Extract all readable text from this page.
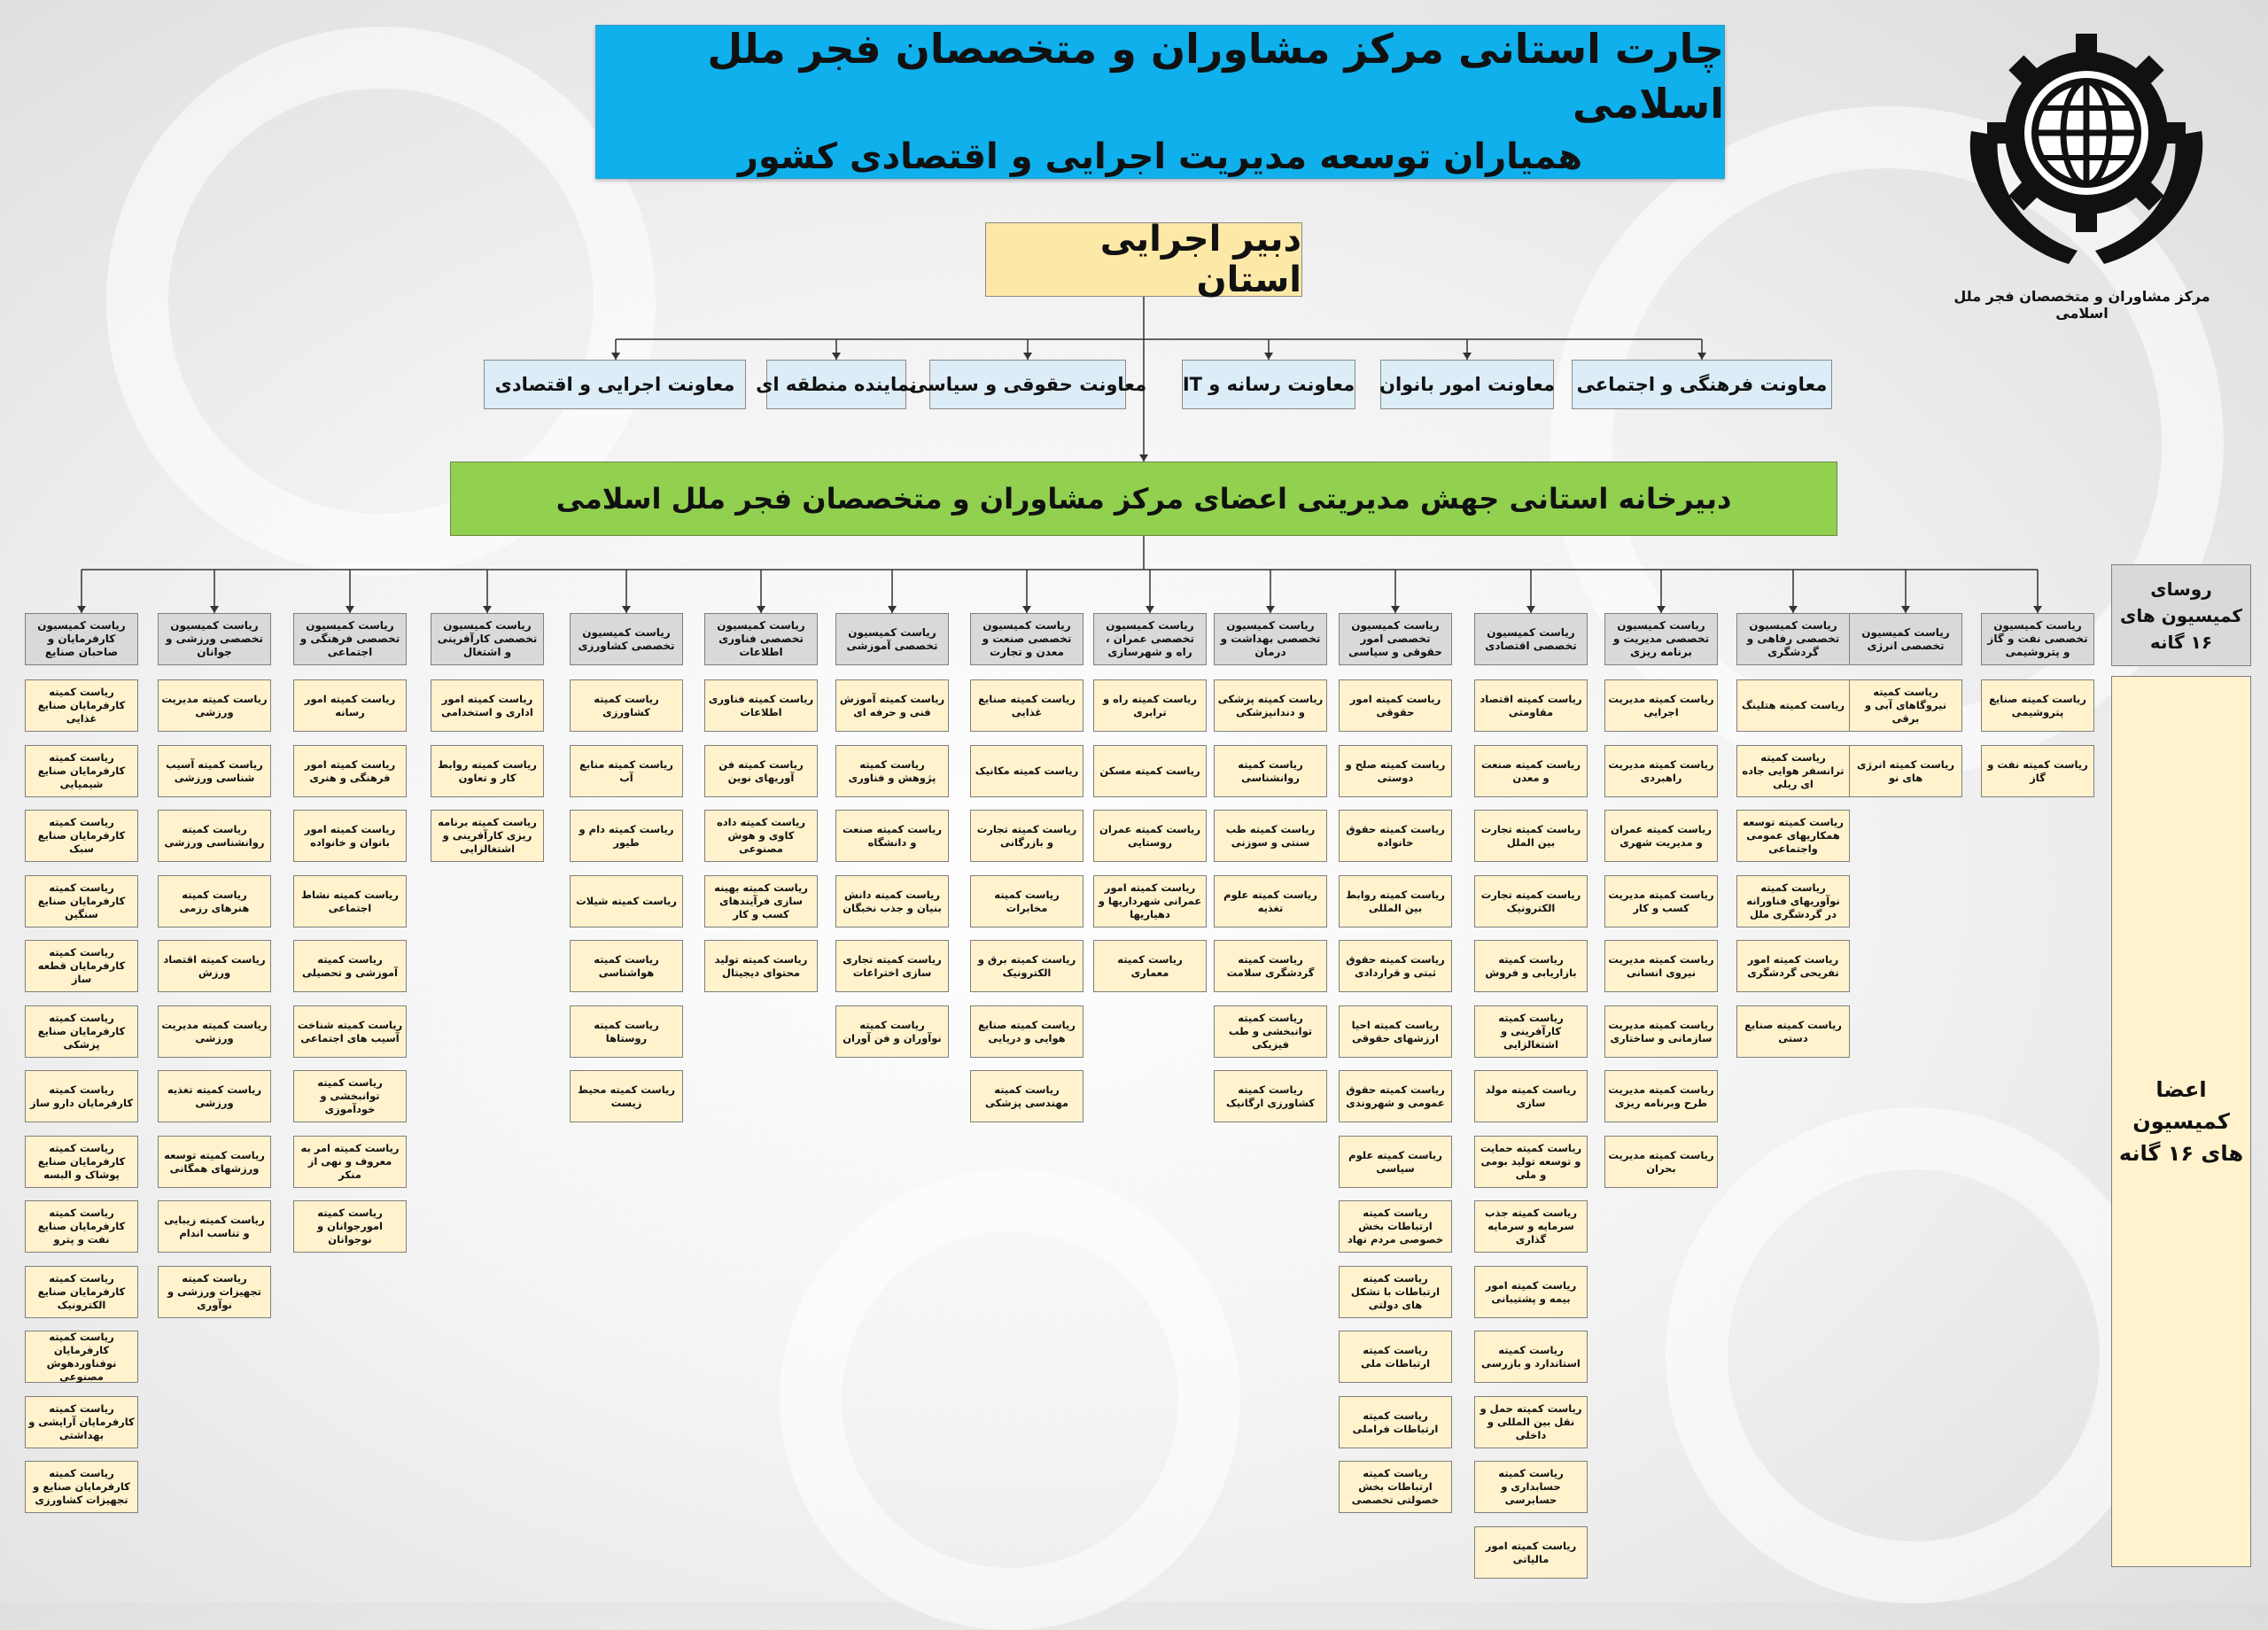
چارت استانی مرکز مشاوران و متخصصان فجر ملل اسلامی
همیاران توسعه مدیریت اجرایی و اقتصادی کشور
مرکز مشاوران و متخصصان فجر ملل اسلامی
دبیر اجرایی استان
معاونت فرهنگی و اجتماعی
معاونت امور بانوان
معاونت رسانه و IT
معاونت حقوقی و سیاسی
نماینده منطقه ای
معاونت اجرایی و اقتصادی
دبیرخانه استانی جهش مدیریتی اعضای مرکز مشاوران و متخصصان فجر ملل اسلامی
روسای کمیسیون های ۱۶ گانه
اعضا کمیسیون های ۱۶ گانه
ریاست کمیسیون تخصصی نفت و گاز و پتروشیمی
ریاست کمیته صنایع پتروشیمی
ریاست کمیته نفت و گاز
ریاست کمیسیون تخصصی انرژی
ریاست کمیته نیروگاهای آبی و برقی
ریاست کمیته انرژی های نو
ریاست کمیسیون تخصصی رفاهی و گردشگری
ریاست کمیته هتلینگ
ریاست کمیته ترانسفر هوایی جاده ای ریلی
ریاست کمیته توسعه همکاریهای عمومی واجتماعی
ریاست کمیته نوآوریهای فناورانه در گردشگری ملل
ریاست کمیته امور تفریحی گردشگری
ریاست کمیته صنایع دستی
ریاست کمیسیون تخصصی مدیریت و برنامه ریزی
ریاست کمیته مدیریت اجرایی
ریاست کمیته مدیریت راهبردی
ریاست کمیته عمران و مدیریت شهری
ریاست کمیته مدیریت کسب و کار
ریاست کمیته مدیریت نیروی انسانی
ریاست کمیته مدیریت سازمانی و ساختاری
ریاست کمیته مدیریت طرح وبرنامه ریزی
ریاست کمیته مدیریت بحران
ریاست کمیسیون تخصصی اقتصادی
ریاست کمیته اقتصاد مقاومتی
ریاست کمیته صنعت و معدن
ریاست کمیته تجارت بین الملل
ریاست کمیته تجارت الکترونیک
ریاست کمیته بازاریابی و فروش
ریاست کمیته کارآفرینی و اشتغالزایی
ریاست کمیته مولد سازی
ریاست کمیته حمایت و توسعه تولید بومی و ملی
ریاست کمیته جذب سرمایه و سرمایه گذاری
ریاست کمیته امور بیمه و پشتیبانی
ریاست کمیته استاندارد و بازرسی
ریاست کمیته حمل و نقل بین المللی و داخلی
ریاست کمیته حسابداری و حسابرسی
ریاست کمیته امور مالیاتی
ریاست کمیسیون تخصصی امور حقوقی و سیاسی
ریاست کمیته امور حقوقی
ریاست کمیته صلح و دوستی
ریاست کمیته حقوق خانواده
ریاست کمیته روابط بین المللی
ریاست کمیته حقوق ثبتی و قراردادی
ریاست کمیته احیا ارزشهای حقوقی
ریاست کمیته حقوق عمومی و شهروندی
ریاست کمیته علوم سیاسی
ریاست کمیته ارتباطات بخش خصوصی مردم نهاد
ریاست کمیته ارتباطات با تشکل های دولتی
ریاست کمیته ارتباطات ملی
ریاست کمیته ارتباطات فراملی
ریاست کمیته ارتباطات بخش خصولتی تخصصی
ریاست کمیسیون تخصصی بهداشت و درمان
ریاست کمیته پزشکی و دندانپزشکی
ریاست کمیته روانشناسی
ریاست کمیته طب سنتی و سوزنی
ریاست کمیته علوم تغذیه
ریاست کمیته گردشگری سلامت
ریاست کمیته توانبخشی و طب فیزیکی
ریاست کمیته کشاورزی ارگانیک
ریاست کمیسیون تخصصی عمران ، راه و شهرسازی
ریاست کمیته راه و ترابری
ریاست کمیته مسکن
ریاست کمیته عمران روستایی
ریاست کمیته امور عمرانی شهرداریها و دهیاریها
ریاست کمیته معماری
ریاست کمیسیون تخصصی صنعت و معدن و تجارت
ریاست کمیته صنایع غذایی
ریاست کمیته مکانیک
ریاست کمیته تجارت و بازرگانی
ریاست کمیته مخابرات
ریاست کمیته برق و الکترونیک
ریاست کمیته صنایع هوایی و دریایی
ریاست کمیته مهندسی پزشکی
ریاست کمیسیون تخصصی آموزشی
ریاست کمیته آموزش فنی و حرفه ای
ریاست کمیته پژوهش و فناوری
ریاست کمیته صنعت و دانشگاه
ریاست کمیته دانش بنیان و جذب نخبگان
ریاست کمیته تجاری سازی اختراعات
ریاست کمیته نوآوران و فن آوران
ریاست کمیسیون تخصصی فناوری اطلاعات
ریاست کمیته فناوری اطلاعات
ریاست کمیته فن آوریهای نوین
ریاست کمیته داده کاوی و هوش مصنوعی
ریاست کمیته بهینه سازی فرآیندهای کسب و کار
ریاست کمیته تولید محتوای دیجیتال
ریاست کمیسیون تخصصی کشاورزی
ریاست کمیته کشاورزی
ریاست کمیته منابع آب
ریاست کمیته دام و طیور
ریاست کمیته شیلات
ریاست کمیته هواشناسی
ریاست کمیته روستاها
ریاست کمیته محیط زیست
ریاست کمیسیون تخصصی کارآفرینی و اشتغال
ریاست کمیته امور اداری و استخدامی
ریاست کمیته روابط کار و تعاون
ریاست کمیته برنامه ریزی کارآفرینی و اشتغالزایی
ریاست کمیسیون تخصصی فرهنگی و اجتماعی
ریاست کمیته امور رسانه
ریاست کمیته امور فرهنگی و هنری
ریاست کمیته امور بانوان و خانواده
ریاست کمیته نشاط اجتماعی
ریاست کمیته آموزشی و تحصیلی
ریاست کمیته شناخت آسیب های اجتماعی
ریاست کمیته توانبخشی و خودآموزی
ریاست کمیته امر به معروف و نهی از منکر
ریاست کمیته امورجوانان و نوجوانان
ریاست کمیسیون تخصصی ورزشی و جوانان
ریاست کمیته مدیریت ورزشی
ریاست کمیته آسیب شناسی ورزشی
ریاست کمیته روانشناسی ورزشی
ریاست کمیته هنرهای رزمی
ریاست کمیته اقتصاد ورزش
ریاست کمیته مدیریت ورزشی
ریاست کمیته تغذیه ورزشی
ریاست کمیته توسعه ورزشهای همگانی
ریاست کمیته زیبایی و تناسب اندام
ریاست کمیته تجهیزات ورزشی و نوآوری
ریاست کمیسیون کارفرمایان و صاحبان صنایع
ریاست کمیته کارفرمایان صنایع غذایی
ریاست کمیته کارفرمایان صنایع شیمیایی
ریاست کمیته کارفرمایان صنایع سبک
ریاست کمیته کارفرمایان صنایع سنگین
ریاست کمیته کارفرمایان قطعه ساز
ریاست کمیته کارفرمایان صنایع پزشکی
ریاست کمیته کارفرمایان دارو ساز
ریاست کمیته کارفرمایان صنایع پوشاک و البسه
ریاست کمیته کارفرمایان صنایع نفت و پترو
ریاست کمیته کارفرمایان صنایع الکترونیک
ریاست کمیته کارفرمایان نوفناوردهوش مصنوعی
ریاست کمیته کارفرمایان آرایشی و بهداشتی
ریاست کمیته کارفرمایان صنایع و تجهیزات کشاورزی
